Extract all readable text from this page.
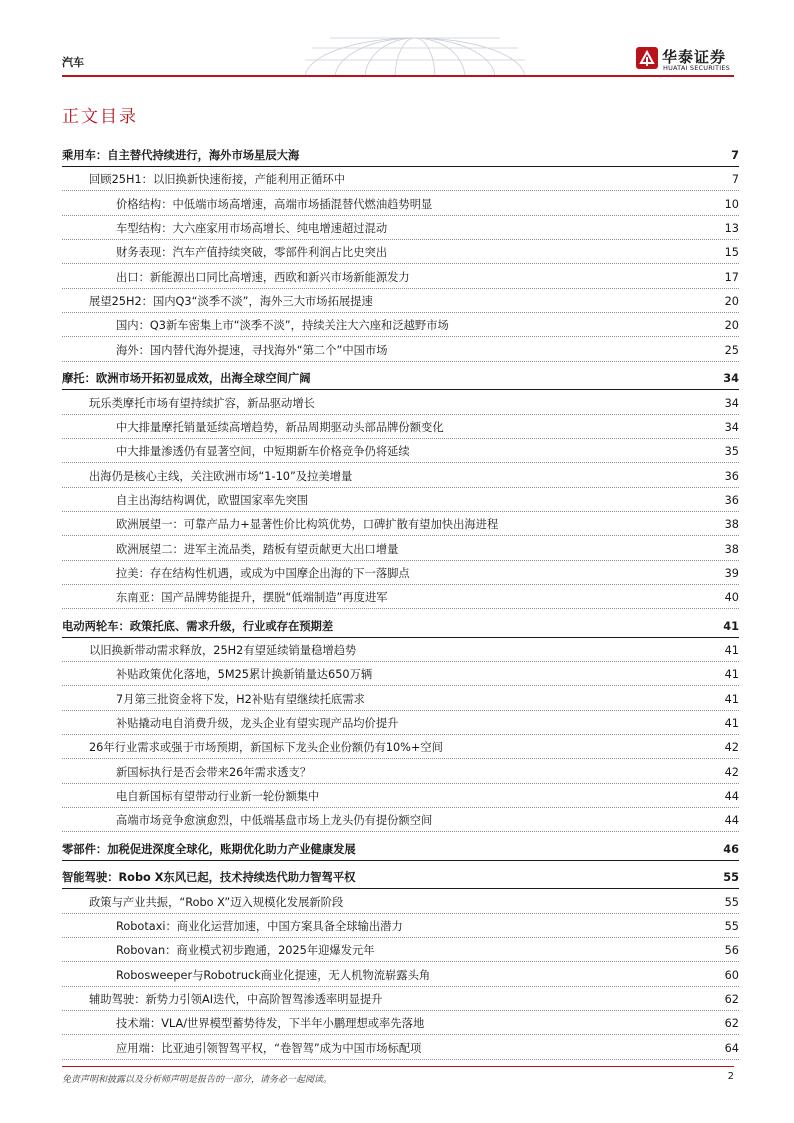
汽车	华泰证券
HUATAI SECURITIES
正文目录
乘用车：自主替代持续进行，海外市场星辰大海	7
回顾25H1：以旧换新快速衔接，产能利用正循环中	7
价格结构：中低端市场高增速，高端市场插混替代燃油趋势明显	10
车型结构：大六座家用市场高增长、纯电增速超过混动	13
财务表现：汽车产值持续突破，零部件利润占比史突出	15
出口：新能源出口同比高增速，西欧和新兴市场新能源发力	17
展望25H2：国内Q3“淡季不淡”，海外三大市场拓展提速	20
国内：Q3新车密集上市“淡季不淡”，持续关注大六座和泛越野市场	20
海外：国内替代海外提速，寻找海外“第二个”中国市场	25
摩托：欧洲市场开拓初显成效，出海全球空间广阔	34
玩乐类摩托市场有望持续扩容，新品驱动增长	34
中大排量摩托销量延续高增趋势，新品周期驱动头部品牌份额变化	34
中大排量渗透仍有显著空间，中短期新车价格竞争仍将延续	35
出海仍是核心主线，关注欧洲市场“1-10”及拉美增量	36
自主出海结构调优，欧盟国家率先突围	36
欧洲展望一：可靠产品力+显著性价比构筑优势，口碑扩散有望加快出海进程	38
欧洲展望二：进军主流品类，踏板有望贡献更大出口增量	38
拉美：存在结构性机遇，或成为中国摩企出海的下一落脚点	39
东南亚：国产品牌势能提升，摆脱“低端制造”再度进军	40
电动两轮车：政策托底、需求升级，行业或存在预期差	41
以旧换新带动需求释放，25H2有望延续销量稳增趋势	41
补贴政策优化落地，5M25累计换新销量达650万辆	41
7月第三批资金将下发，H2补贴有望继续托底需求	41
补贴撬动电自消费升级，龙头企业有望实现产品均价提升	41
26年行业需求或强于市场预期，新国标下龙头企业份额仍有10%+空间	42
新国标执行是否会带来26年需求透支？	42
电自新国标有望带动行业新一轮份额集中	44
高端市场竞争愈演愈烈，中低端基盘市场上龙头仍有提份额空间	44
零部件：加税促进深度全球化，账期优化助力产业健康发展	46
智能驾驶：Robo X东风已起，技术持续迭代助力智驾平权	55
政策与产业共振，“Robo X”迈入规模化发展新阶段	55
Robotaxi：商业化运营加速，中国方案具备全球输出潜力	55
Robovan：商业模式初步跑通，2025年迎爆发元年	56
Robosweeper与Robotruck商业化提速，无人机物流崭露头角	60
辅助驾驶：新势力引领AI迭代，中高阶智驾渗透率明显提升	62
技术端：VLA/世界模型蓄势待发，下半年小鹏理想或率先落地	62
应用端：比亚迪引领智驾平权，“卷智驾”成为中国市场标配项	64
免责声明和披露以及分析师声明是报告的一部分，请务必一起阅读。	2
